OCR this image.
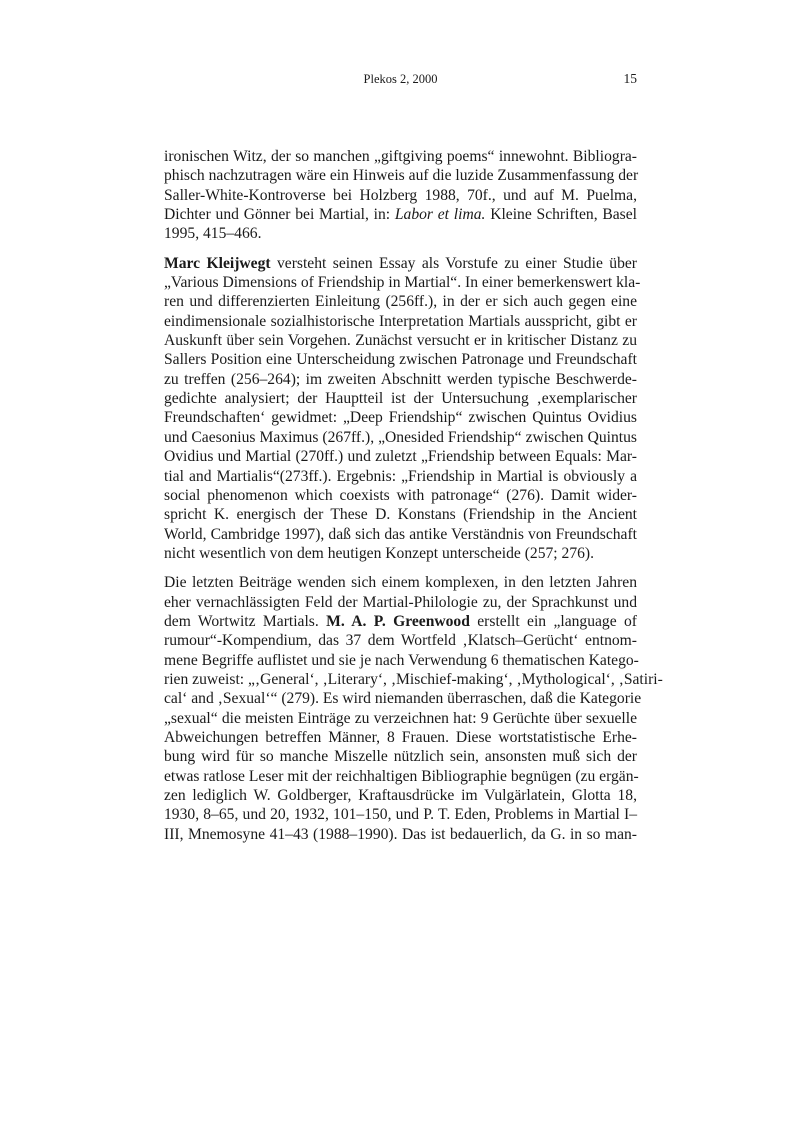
Plekos 2, 2000	15
ironischen Witz, der so manchen „giftgiving poems“ innewohnt. Bibliogra-
phisch nachzutragen wäre ein Hinweis auf die luzide Zusammenfassung der
Saller-White-Kontroverse bei Holzberg 1988, 70f., und auf M. Puelma,
Dichter und Gönner bei Martial, in: Labor et lima. Kleine Schriften, Basel
1995, 415–466.
Marc Kleijwegt versteht seinen Essay als Vorstufe zu einer Studie über
„Various Dimensions of Friendship in Martial“. In einer bemerkenswert kla-
ren und differenzierten Einleitung (256ff.), in der er sich auch gegen eine
eindimensionale sozialhistorische Interpretation Martials ausspricht, gibt er
Auskunft über sein Vorgehen. Zunächst versucht er in kritischer Distanz zu
Sallers Position eine Unterscheidung zwischen Patronage und Freundschaft
zu treffen (256–264); im zweiten Abschnitt werden typische Beschwerde-
gedichte analysiert; der Hauptteil ist der Untersuchung ‚exemplarischer
Freundschaften‘ gewidmet: „Deep Friendship“ zwischen Quintus Ovidius
und Caesonius Maximus (267ff.), „Onesided Friendship“ zwischen Quintus
Ovidius und Martial (270ff.) und zuletzt „Friendship between Equals: Mar-
tial and Martialis“(273ff.). Ergebnis: „Friendship in Martial is obviously a
social phenomenon which coexists with patronage“ (276). Damit wider-
spricht K. energisch der These D. Konstans (Friendship in the Ancient
World, Cambridge 1997), daß sich das antike Verständnis von Freundschaft
nicht wesentlich von dem heutigen Konzept unterscheide (257; 276).
Die letzten Beiträge wenden sich einem komplexen, in den letzten Jahren
eher vernachlässigten Feld der Martial-Philologie zu, der Sprachkunst und
dem Wortwitz Martials. M. A. P. Greenwood erstellt ein „language of
rumour“-Kompendium, das 37 dem Wortfeld ‚Klatsch–Gerücht‘ entnom-
mene Begriffe auflistet und sie je nach Verwendung 6 thematischen Katego-
rien zuweist: „‚General‘, ‚Literary‘, ‚Mischief-making‘, ‚Mythological‘, ‚Satiri-
cal‘ and ‚Sexual‘“ (279). Es wird niemanden überraschen, daß die Kategorie
„sexual“ die meisten Einträge zu verzeichnen hat: 9 Gerüchte über sexuelle
Abweichungen betreffen Männer, 8 Frauen. Diese wortstatistische Erhe-
bung wird für so manche Miszelle nützlich sein, ansonsten muß sich der
etwas ratlose Leser mit der reichhaltigen Bibliographie begnügen (zu ergän-
zen lediglich W. Goldberger, Kraftausdrücke im Vulgärlatein, Glotta 18,
1930, 8–65, und 20, 1932, 101–150, und P. T. Eden, Problems in Martial I–
III, Mnemosyne 41–43 (1988–1990). Das ist bedauerlich, da G. in so man-
